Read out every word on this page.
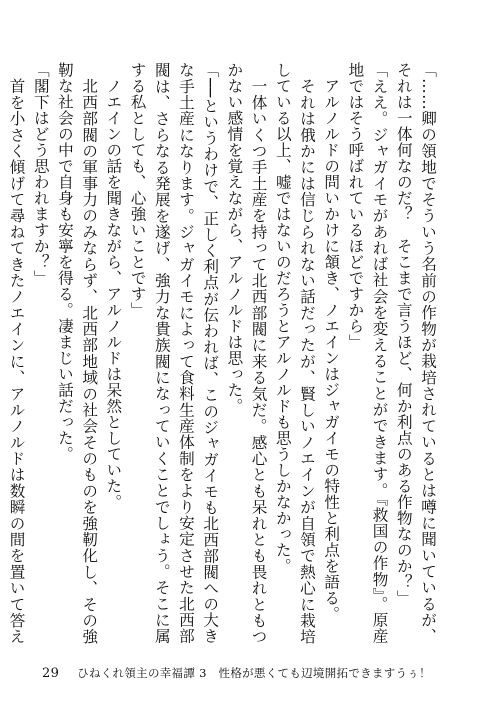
「……卿の領地でそういう名前の作物が栽培されているとは噂に聞いているが、それは一体何なのだ？　そこまで言うほど、何か利点のある作物なのか？」

「ええ。ジャガイモがあれば社会を変えることができます。『救国の作物』。原産地ではそう呼ばれているほどですから」

アルノルドの問いかけに頷き、ノエインはジャガイモの特性と利点を語る。

それは俄かには信じられない話だったが、賢しいノエインが自領で熱心に栽培している以上、嘘ではないのだろうとアルノルドも思うしかなかった。

一体いくつ手土産を持って北西部閥に来る気だ。感心とも呆れとも畏れともつかない感情を覚えながら、アルノルドは思った。

「──というわけで、正しく利点が伝われば、このジャガイモも北西部閥への大きな手土産になります。ジャガイモによって食料生産体制をより安定させた北西部閥は、さらなる発展を遂げ、強力な貴族閥になっていくことでしょう。そこに属する私としても、心強いことです」

ノエインの話を聞きながら、アルノルドは呆然としていた。

北西部閥の軍事力のみならず、北西部地域の社会そのものを強靭化し、その強靭な社会の中で自身も安寧を得る。凄まじい話だった。

「閣下はどう思われますか？」

首を小さく傾げて尋ねてきたノエインに、アルノルドは数瞬の間を置いて答え

29 ひねくれ領主の幸福譚 3　性格が悪くても辺境開拓できますうぅ！
